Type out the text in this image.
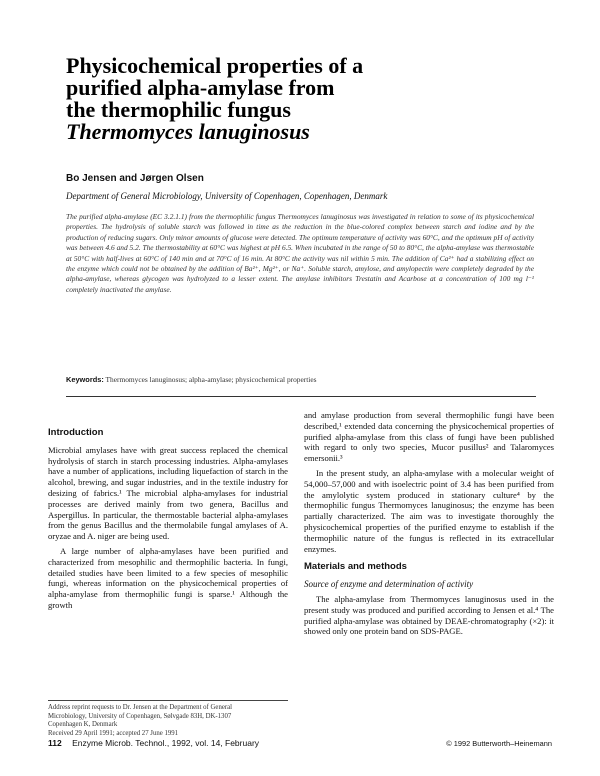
Physicochemical properties of a
purified alpha-amylase from
the thermophilic fungus
Thermomyces lanuginosus
Bo Jensen and Jørgen Olsen
Department of General Microbiology, University of Copenhagen, Copenhagen, Denmark

The purified alpha-amylase (EC 3.2.1.1) from the thermophilic fungus Thermomyces lanuginosus was investigated in relation to some of its physicochemical properties. The hydrolysis of soluble starch was followed in time as the reduction in the blue-colored complex between starch and iodine and by the production of reducing sugars. Only minor amounts of glucose were detected. The optimum temperature of activity was 60°C, and the optimum pH of activity was between 4.6 and 5.2. The thermostability at 60°C was highest at pH 6.5. When incubated in the range of 50 to 80°C, the alpha-amylase was thermostable at 50°C with half-lives at 60°C of 140 min and at 70°C of 16 min. At 80°C the activity was nil within 5 min. The addition of Ca²⁺ had a stabilizing effect on the enzyme which could not be obtained by the addition of Ba²⁺, Mg²⁺, or Na⁺. Soluble starch, amylose, and amylopectin were completely degraded by the alpha-amylase, whereas glycogen was hydrolyzed to a lesser extent. The amylase inhibitors Trestatin and Acarbose at a concentration of 100 mg l⁻¹ completely inactivated the amylase.

Keywords: Thermomyces lanuginosus; alpha-amylase; physicochemical properties
Introduction

Microbial amylases have with great success replaced the chemical hydrolysis of starch in starch processing industries. Alpha-amylases have a number of applications, including liquefaction of starch in the alcohol, brewing, and sugar industries, and in the textile industry for desizing of fabrics.¹ The microbial alpha-amylases for industrial processes are derived mainly from two genera, Bacillus and Aspergillus. In particular, the thermostable bacterial alpha-amylases from the genus Bacillus and the thermolabile fungal amylases of A. oryzae and A. niger are being used.

A large number of alpha-amylases have been purified and characterized from mesophilic and thermophilic bacteria. In fungi, detailed studies have been limited to a few species of mesophilic fungi, whereas information on the physicochemical properties of alpha-amylase from thermophilic fungi is sparse.¹ Although the growth

and amylase production from several thermophilic fungi have been described,¹ extended data concerning the physicochemical properties of purified alpha-amylase from this class of fungi have been published with regard to only two species, Mucor pusillus² and Talaromyces emersonii.³

In the present study, an alpha-amylase with a molecular weight of 54,000–57,000 and with isoelectric point of 3.4 has been purified from the amylolytic system produced in stationary culture⁴ by the thermophilic fungus Thermomyces lanuginosus; the enzyme has been partially characterized. The aim was to investigate thoroughly the physicochemical properties of the purified enzyme to establish if the thermophilic nature of the fungus is reflected in its extracellular enzymes.

Materials and methods
Source of enzyme and determination of activity

The alpha-amylase from Thermomyces lanuginosus used in the present study was produced and purified according to Jensen et al.⁴ The purified alpha-amylase was obtained by DEAE-chromatography (×2): it showed only one protein band on SDS-PAGE.

Address reprint requests to Dr. Jensen at the Department of General
Microbiology, University of Copenhagen, Sølvgade 83H, DK-1307
Copenhagen K, Denmark
Received 29 April 1991; accepted 27 June 1991
112 Enzyme Microb. Technol., 1992, vol. 14, February	© 1992 Butterworth–Heinemann
